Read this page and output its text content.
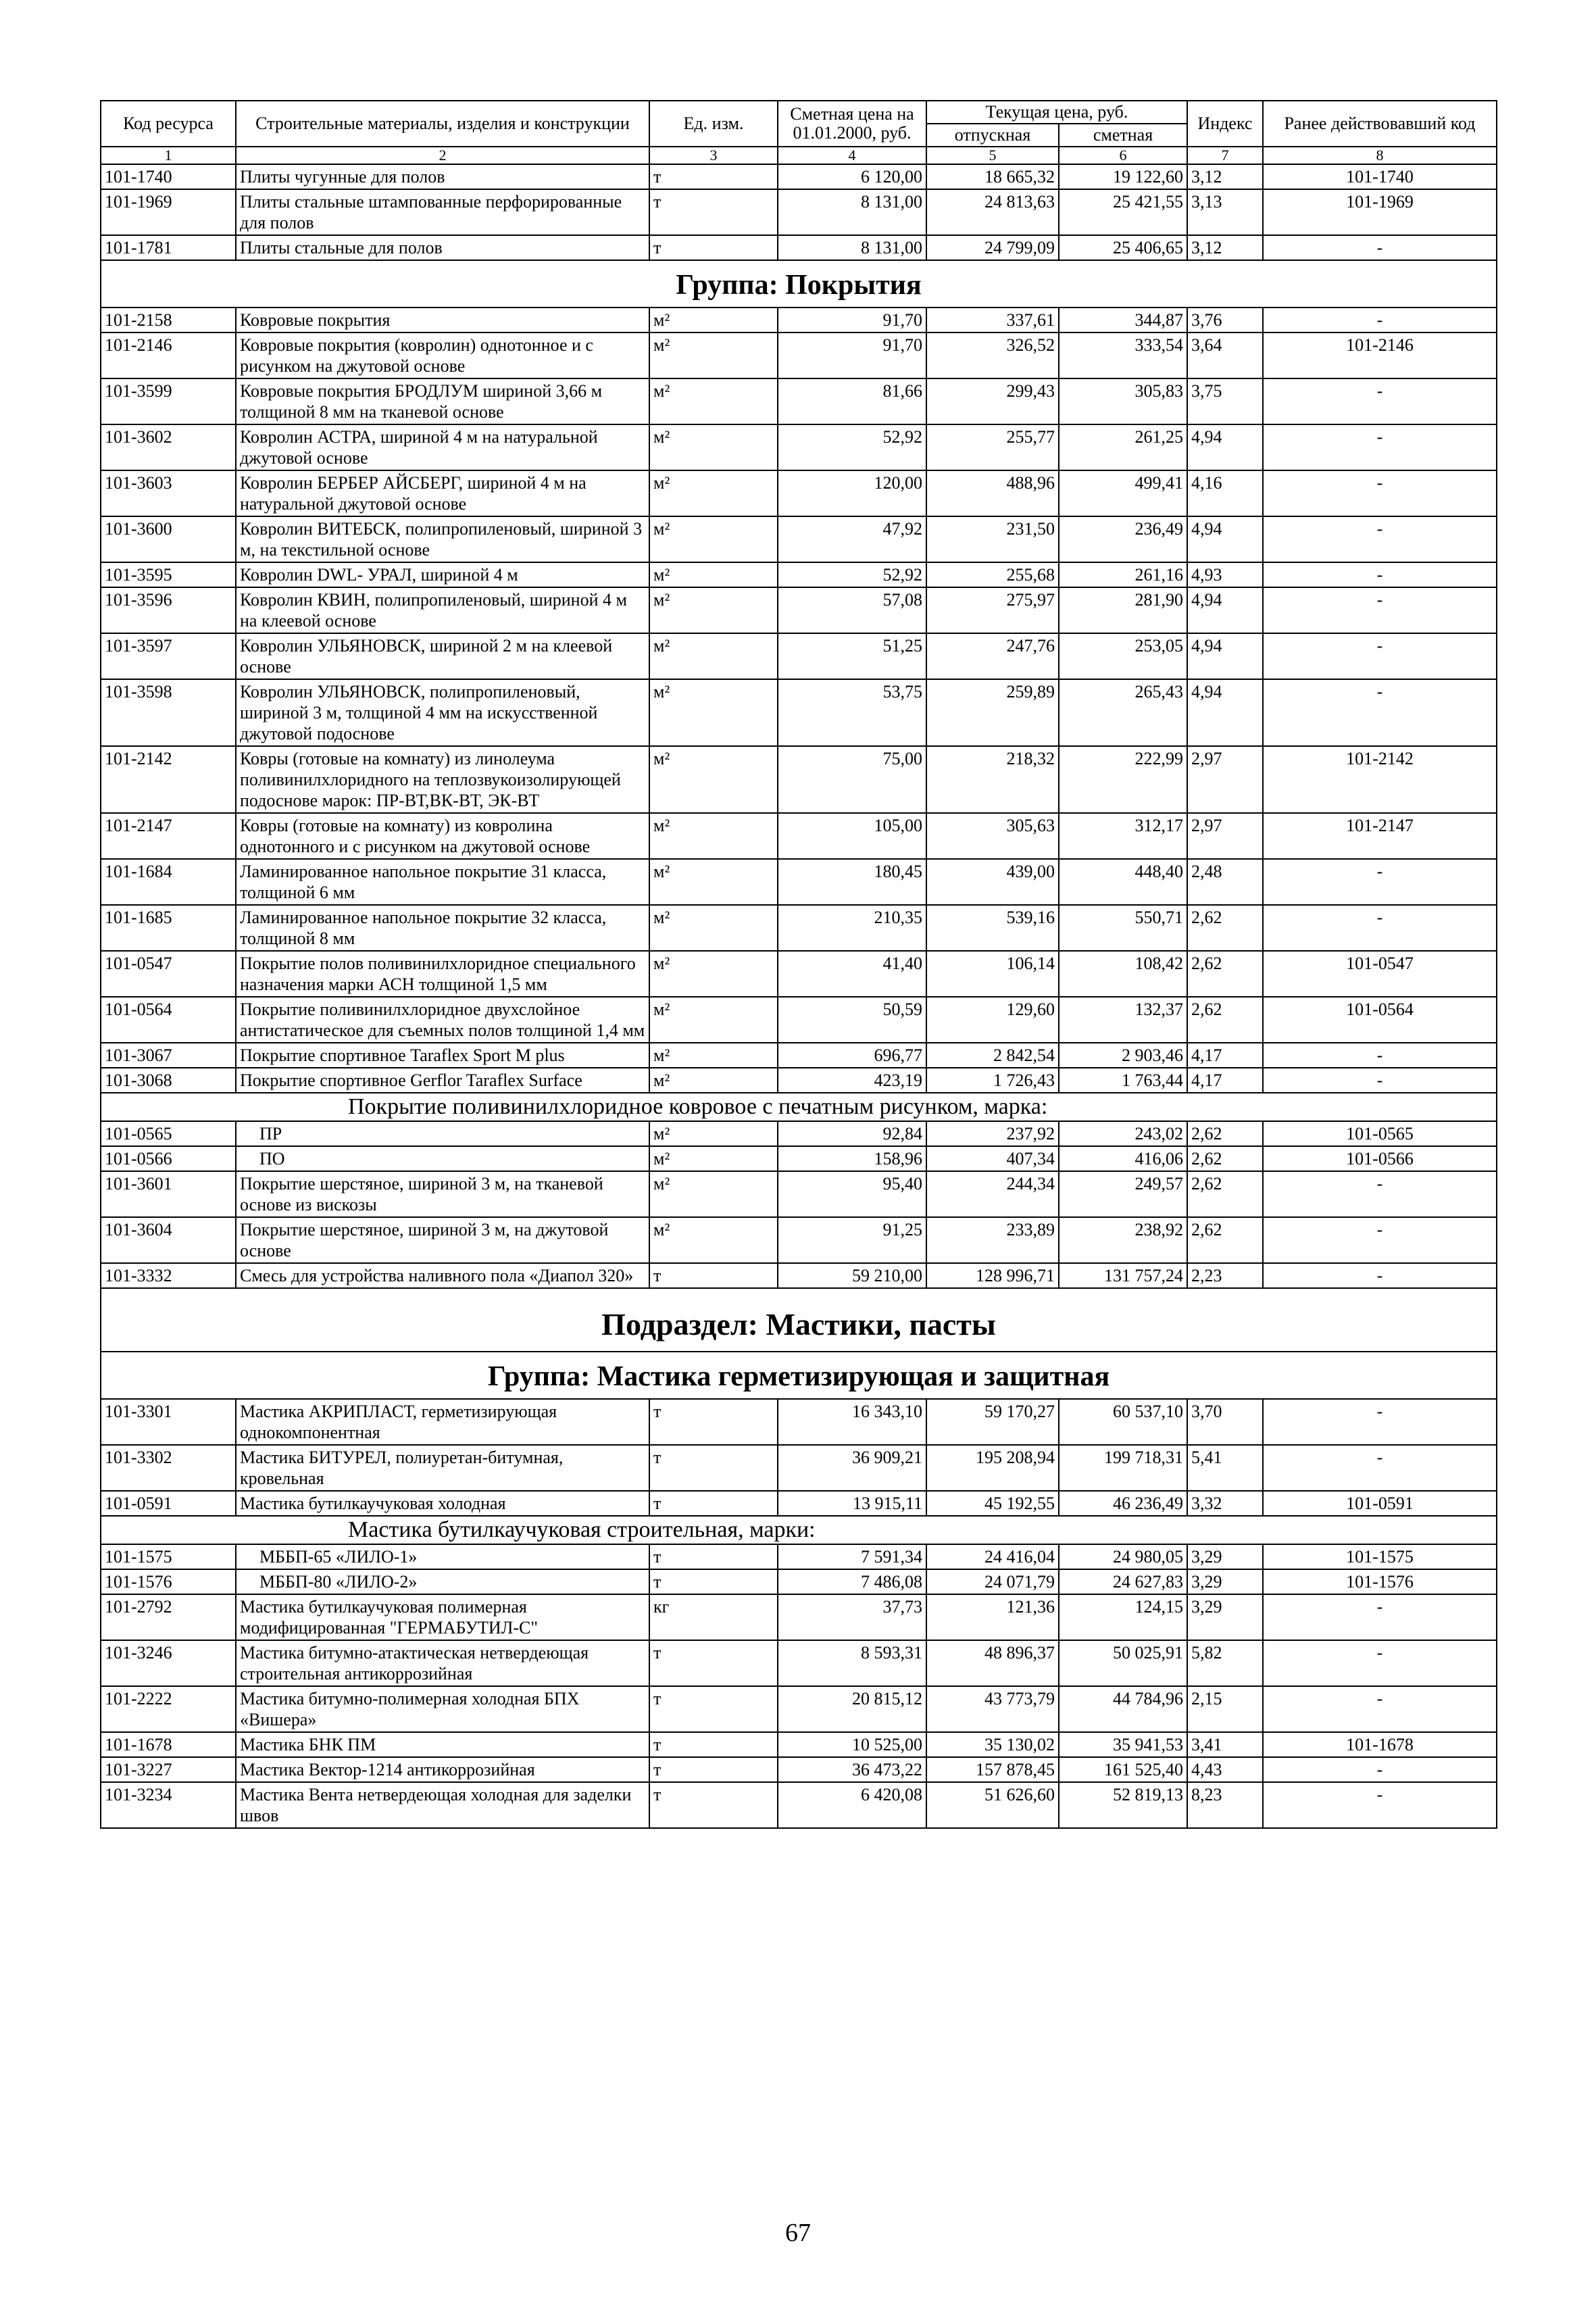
Код ресурса	Строительные материалы, изделия и конструкции	Ед. изм.	Сметная цена на 01.01.2000, руб.	Текущая цена, руб.		Индекс	Ранее действовавший код
				отпускная	сметная		
1	2	3	4	5	6	7	8
101-1740	Плиты чугунные для полов	т	6 120,00	18 665,32	19 122,60	3,12	101-1740
101-1969	Плиты стальные штампованные перфорированные для полов	т	8 131,00	24 813,63	25 421,55	3,13	101-1969
101-1781	Плиты стальные для полов	т	8 131,00	24 799,09	25 406,65	3,12	-
Группа: Покрытия							
101-2158	Ковровые покрытия	м²	91,70	337,61	344,87	3,76	-
101-2146	Ковровые покрытия (ковролин) однотонное и с рисунком на джутовой основе	м²	91,70	326,52	333,54	3,64	101-2146
101-3599	Ковровые покрытия БРОДЛУМ шириной 3,66 м толщиной 8 мм на тканевой основе	м²	81,66	299,43	305,83	3,75	-
101-3602	Ковролин АСТРА, шириной 4 м на натуральной джутовой основе	м²	52,92	255,77	261,25	4,94	-
101-3603	Ковролин БЕРБЕР АЙСБЕРГ, шириной 4 м на натуральной джутовой основе	м²	120,00	488,96	499,41	4,16	-
101-3600	Ковролин ВИТЕБСК, полипропиленовый, шириной 3 м, на текстильной основе	м²	47,92	231,50	236,49	4,94	-
101-3595	Ковролин DWL- УРАЛ, шириной 4 м	м²	52,92	255,68	261,16	4,93	-
101-3596	Ковролин КВИН, полипропиленовый, шириной 4 м на клеевой основе	м²	57,08	275,97	281,90	4,94	-
101-3597	Ковролин УЛЬЯНОВСК, шириной 2 м на клеевой основе	м²	51,25	247,76	253,05	4,94	-
101-3598	Ковролин УЛЬЯНОВСК, полипропиленовый, шириной 3 м, толщиной 4 мм на искусственной джутовой подоснове	м²	53,75	259,89	265,43	4,94	-
101-2142	Ковры (готовые на комнату) из линолеума поливинилхлоридного на теплозвукоизолирующей подоснове марок: ПР-ВТ,ВК-ВТ, ЭК-ВТ	м²	75,00	218,32	222,99	2,97	101-2142
101-2147	Ковры (готовые на комнату) из ковролина однотонного и с рисунком на джутовой основе	м²	105,00	305,63	312,17	2,97	101-2147
101-1684	Ламинированное напольное покрытие 31 класса, толщиной 6 мм	м²	180,45	439,00	448,40	2,48	-
101-1685	Ламинированное напольное покрытие 32 класса, толщиной 8 мм	м²	210,35	539,16	550,71	2,62	-
101-0547	Покрытие полов поливинилхлоридное специального назначения марки АСН толщиной 1,5 мм	м²	41,40	106,14	108,42	2,62	101-0547
101-0564	Покрытие поливинилхлоридное двухслойное антистатическое для съемных полов толщиной 1,4 мм	м²	50,59	129,60	132,37	2,62	101-0564
101-3067	Покрытие спортивное Taraflex Sport M plus	м²	696,77	2 842,54	2 903,46	4,17	-
101-3068	Покрытие спортивное Gerflor Taraflex Surface	м²	423,19	1 726,43	1 763,44	4,17	-
Покрытие поливинилхлоридное ковровое с печатным рисунком, марка:							
101-0565	ПР	м²	92,84	237,92	243,02	2,62	101-0565
101-0566	ПО	м²	158,96	407,34	416,06	2,62	101-0566
101-3601	Покрытие шерстяное, шириной 3 м, на тканевой основе из вискозы	м²	95,40	244,34	249,57	2,62	-
101-3604	Покрытие шерстяное, шириной 3 м, на джутовой основе	м²	91,25	233,89	238,92	2,62	-
101-3332	Смесь для устройства наливного пола «Диапол 320»	т	59 210,00	128 996,71	131 757,24	2,23	-
Подраздел: Мастики, пасты							
Группа: Мастика герметизирующая и защитная							
101-3301	Мастика АКРИПЛАСТ, герметизирующая однокомпонентная	т	16 343,10	59 170,27	60 537,10	3,70	-
101-3302	Мастика БИТУРЕЛ, полиуретан-битумная, кровельная	т	36 909,21	195 208,94	199 718,31	5,41	-
101-0591	Мастика бутилкаучуковая холодная	т	13 915,11	45 192,55	46 236,49	3,32	101-0591
Мастика бутилкаучуковая строительная, марки:							
101-1575	МББП-65 «ЛИЛО-1»	т	7 591,34	24 416,04	24 980,05	3,29	101-1575
101-1576	МББП-80 «ЛИЛО-2»	т	7 486,08	24 071,79	24 627,83	3,29	101-1576
101-2792	Мастика бутилкаучуковая полимерная модифицированная "ГЕРМАБУТИЛ-С"	кг	37,73	121,36	124,15	3,29	-
101-3246	Мастика битумно-атактическая нетвердеющая строительная антикоррозийная	т	8 593,31	48 896,37	50 025,91	5,82	-
101-2222	Мастика битумно-полимерная холодная БПХ «Вишера»	т	20 815,12	43 773,79	44 784,96	2,15	-
101-1678	Мастика БНК ПМ	т	10 525,00	35 130,02	35 941,53	3,41	101-1678
101-3227	Мастика Вектор-1214 антикоррозийная	т	36 473,22	157 878,45	161 525,40	4,43	-
101-3234	Мастика Вента нетвердеющая холодная для заделки швов	т	6 420,08	51 626,60	52 819,13	8,23	-
67
